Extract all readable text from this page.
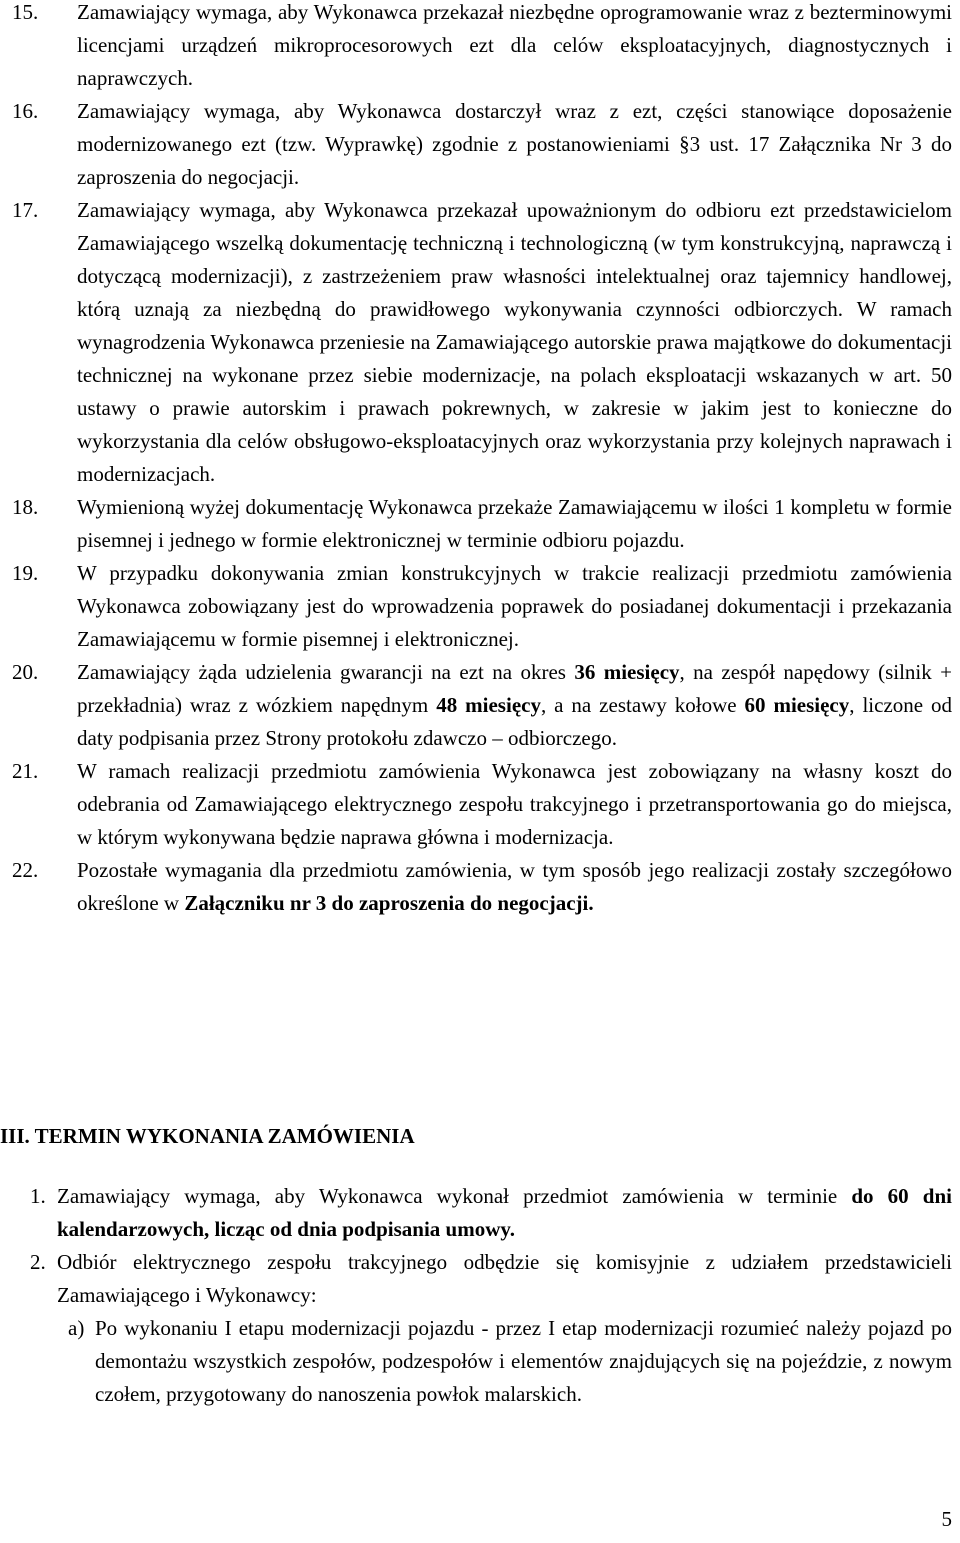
15.	Zamawiający wymaga, aby Wykonawca przekazał niezbędne oprogramowanie wraz z bezterminowymi licencjami urządzeń mikroprocesorowych ezt dla celów eksploatacyjnych, diagnostycznych i naprawczych.
16.	Zamawiający wymaga, aby Wykonawca dostarczył wraz z ezt, części stanowiące doposażenie modernizowanego ezt (tzw. Wyprawkę) zgodnie z postanowieniami §3 ust. 17 Załącznika Nr 3 do zaproszenia do negocjacji.
17.	Zamawiający wymaga, aby Wykonawca przekazał upoważnionym do odbioru ezt przedstawicielom Zamawiającego wszelką dokumentację techniczną i technologiczną (w tym konstrukcyjną, naprawczą i dotyczącą modernizacji), z zastrzeżeniem praw własności intelektualnej oraz tajemnicy handlowej, którą uznają za niezbędną do prawidłowego wykonywania czynności odbiorczych. W ramach wynagrodzenia Wykonawca przeniesie na Zamawiającego autorskie prawa majątkowe do dokumentacji technicznej na wykonane przez siebie modernizacje, na polach eksploatacji wskazanych w art. 50 ustawy o prawie autorskim i prawach pokrewnych, w zakresie w jakim jest to konieczne do wykorzystania dla celów obsługowo-eksploatacyjnych oraz wykorzystania przy kolejnych naprawach i modernizacjach.
18.	Wymienioną wyżej dokumentację Wykonawca przekaże Zamawiającemu w ilości 1 kompletu w formie pisemnej i jednego w formie elektronicznej w terminie odbioru pojazdu.
19.	W przypadku dokonywania zmian konstrukcyjnych w trakcie realizacji przedmiotu zamówienia Wykonawca zobowiązany jest do wprowadzenia poprawek do posiadanej dokumentacji i przekazania Zamawiającemu w formie pisemnej i elektronicznej.
20.	Zamawiający żąda udzielenia gwarancji na ezt na okres 36 miesięcy, na zespół napędowy (silnik + przekładnia) wraz z wózkiem napędnym 48 miesięcy, a na zestawy kołowe 60 miesięcy, liczone od daty podpisania przez Strony protokołu zdawczo – odbiorczego.
21.	W ramach realizacji przedmiotu zamówienia Wykonawca jest zobowiązany na własny koszt do odebrania od Zamawiającego elektrycznego zespołu trakcyjnego i przetransportowania go do miejsca, w którym wykonywana będzie naprawa główna i modernizacja.
22.	Pozostałe wymagania dla przedmiotu zamówienia, w tym sposób jego realizacji zostały szczegółowo określone w Załączniku nr 3 do zaproszenia do negocjacji.
III. TERMIN WYKONANIA ZAMÓWIENIA
1. Zamawiający wymaga, aby Wykonawca wykonał przedmiot zamówienia w terminie do 60 dni kalendarzowych, licząc od dnia podpisania umowy.
2. Odbiór elektrycznego zespołu trakcyjnego odbędzie się komisyjnie z udziałem przedstawicieli Zamawiającego i Wykonawcy:
a) Po wykonaniu I etapu modernizacji pojazdu - przez I etap modernizacji rozumieć należy pojazd po demontażu wszystkich zespołów, podzespołów i elementów znajdujących się na pojeździe, z nowym czołem, przygotowany do nanoszenia powłok malarskich.
5
